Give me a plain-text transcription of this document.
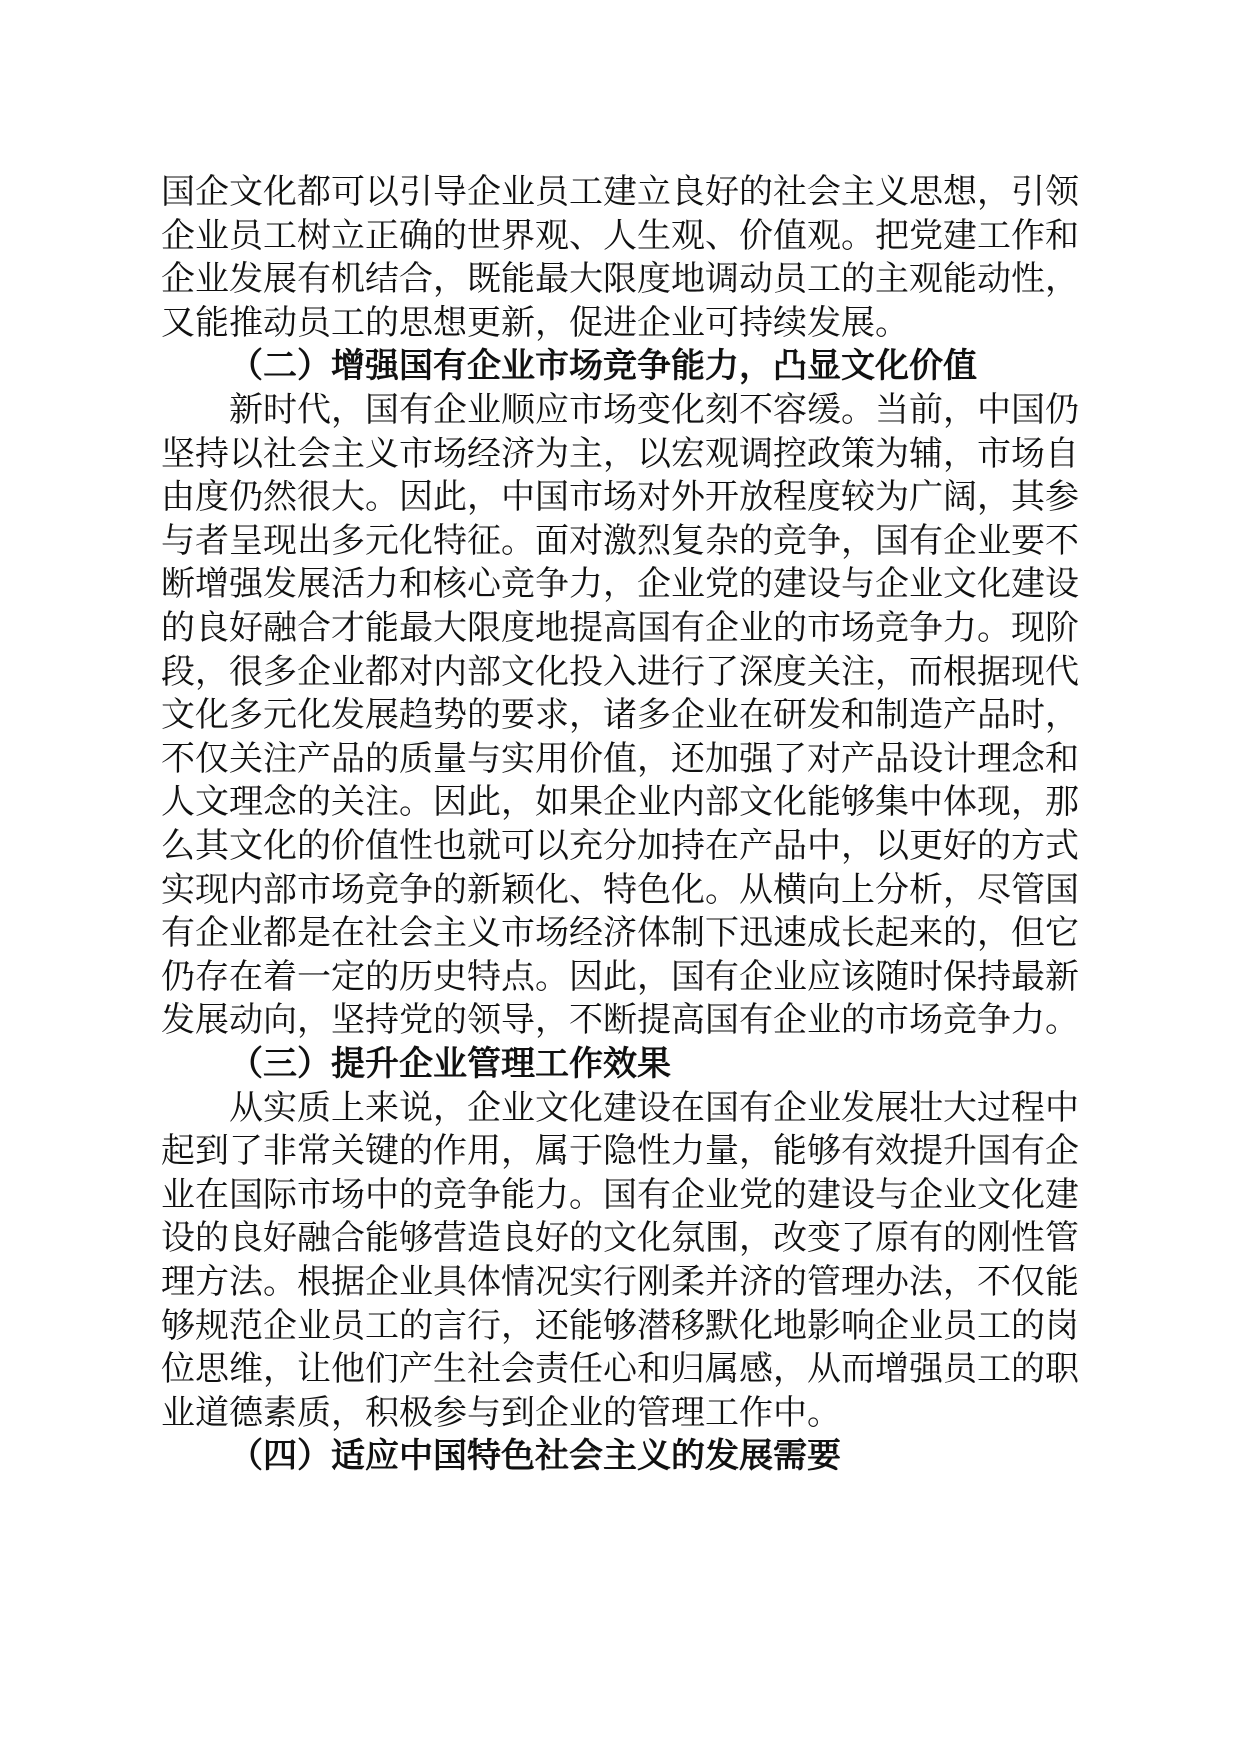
国企文化都可以引导企业员工建立良好的社会主义思想，引领
企业员工树立正确的世界观、人生观、价值观。把党建工作和
企业发展有机结合，既能最大限度地调动员工的主观能动性，
又能推动员工的思想更新，促进企业可持续发展。
（二）增强国有企业市场竞争能力，凸显文化价值
新时代，国有企业顺应市场变化刻不容缓。当前，中国仍
坚持以社会主义市场经济为主，以宏观调控政策为辅，市场自
由度仍然很大。因此，中国市场对外开放程度较为广阔，其参
与者呈现出多元化特征。面对激烈复杂的竞争，国有企业要不
断增强发展活力和核心竞争力，企业党的建设与企业文化建设
的良好融合才能最大限度地提高国有企业的市场竞争力。现阶
段，很多企业都对内部文化投入进行了深度关注，而根据现代
文化多元化发展趋势的要求，诸多企业在研发和制造产品时，
不仅关注产品的质量与实用价值，还加强了对产品设计理念和
人文理念的关注。因此，如果企业内部文化能够集中体现，那
么其文化的价值性也就可以充分加持在产品中，以更好的方式
实现内部市场竞争的新颖化、特色化。从横向上分析，尽管国
有企业都是在社会主义市场经济体制下迅速成长起来的，但它
仍存在着一定的历史特点。因此，国有企业应该随时保持最新
发展动向，坚持党的领导，不断提高国有企业的市场竞争力。
（三）提升企业管理工作效果
从实质上来说，企业文化建设在国有企业发展壮大过程中
起到了非常关键的作用，属于隐性力量，能够有效提升国有企
业在国际市场中的竞争能力。国有企业党的建设与企业文化建
设的良好融合能够营造良好的文化氛围，改变了原有的刚性管
理方法。根据企业具体情况实行刚柔并济的管理办法，不仅能
够规范企业员工的言行，还能够潜移默化地影响企业员工的岗
位思维，让他们产生社会责任心和归属感，从而增强员工的职
业道德素质，积极参与到企业的管理工作中。
（四）适应中国特色社会主义的发展需要
